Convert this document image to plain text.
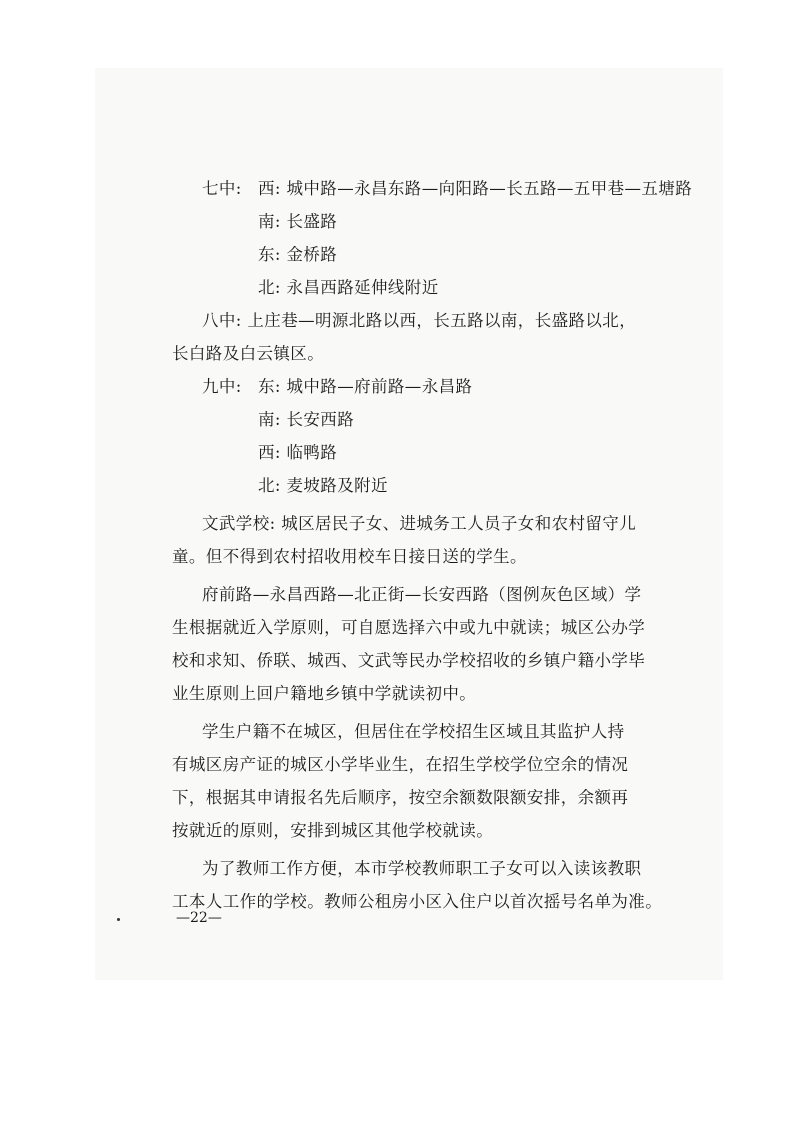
七中: 西: 城中路—永昌东路—向阳路—长五路—五甲巷—五塘路
南: 长盛路
东: 金桥路
北: 永昌西路延伸线附近
八中: 上庄巷—明源北路以西，长五路以南，长盛路以北，
长白路及白云镇区。
九中: 东: 城中路—府前路—永昌路
南: 长安西路
西: 临鸭路
北: 麦坡路及附近
文武学校: 城区居民子女、进城务工人员子女和农村留守儿
童。但不得到农村招收用校车日接日送的学生。
府前路—永昌西路—北正街—长安西路（图例灰色区域）学
生根据就近入学原则，可自愿选择六中或九中就读；城区公办学
校和求知、侨联、城西、文武等民办学校招收的乡镇户籍小学毕
业生原则上回户籍地乡镇中学就读初中。
学生户籍不在城区，但居住在学校招生区域且其监护人持
有城区房产证的城区小学毕业生，在招生学校学位空余的情况
下，根据其申请报名先后顺序，按空余额数限额安排，余额再
按就近的原则，安排到城区其他学校就读。
为了教师工作方便，本市学校教师职工子女可以入读该教职
工本人工作的学校。教师公租房小区入住户以首次摇号名单为准。
—22—
